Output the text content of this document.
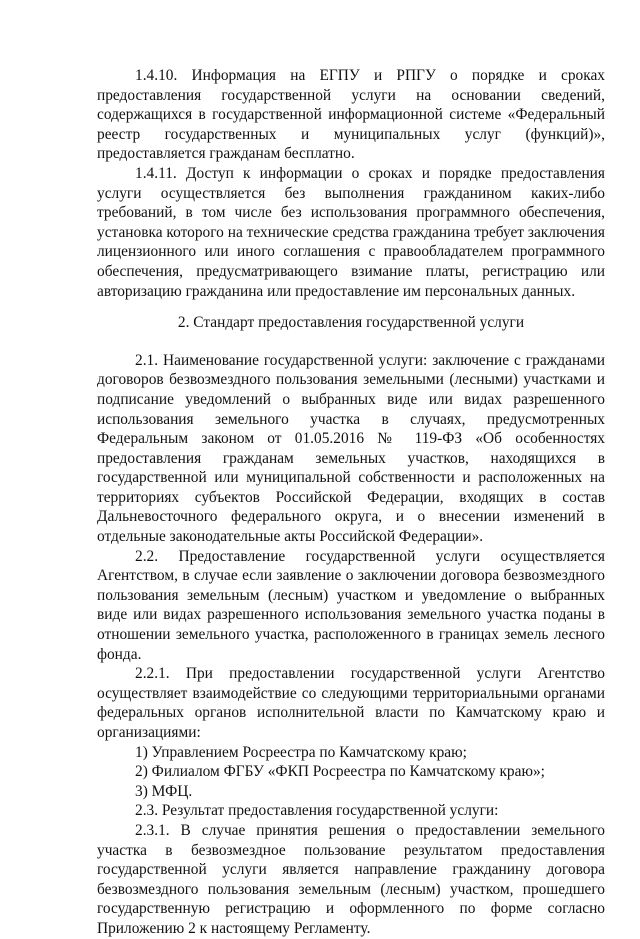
1.4.10. Информация на ЕГПУ и РПГУ о порядке и сроках предоставления государственной услуги на основании сведений, содержащихся в государственной информационной системе «Федеральный реестр государственных и муниципальных услуг (функций)», предоставляется гражданам бесплатно.

1.4.11. Доступ к информации о сроках и порядке предоставления услуги осуществляется без выполнения гражданином каких-либо требований, в том числе без использования программного обеспечения, установка которого на технические средства гражданина требует заключения лицензионного или иного соглашения с правообладателем программного обеспечения, предусматривающего взимание платы, регистрацию или авторизацию гражданина или предоставление им персональных данных.

2. Стандарт предоставления государственной услуги

2.1. Наименование государственной услуги: заключение с гражданами договоров безвозмездного пользования земельными (лесными) участками и подписание уведомлений о выбранных виде или видах разрешенного использования земельного участка в случаях, предусмотренных Федеральным законом от 01.05.2016 № 119-ФЗ «Об особенностях предоставления гражданам земельных участков, находящихся в государственной или муниципальной собственности и расположенных на территориях субъектов Российской Федерации, входящих в состав Дальневосточного федерального округа, и о внесении изменений в отдельные законодательные акты Российской Федерации».

2.2. Предоставление государственной услуги осуществляется Агентством, в случае если заявление о заключении договора безвозмездного пользования земельным (лесным) участком и уведомление о выбранных виде или видах разрешенного использования земельного участка поданы в отношении земельного участка, расположенного в границах земель лесного фонда.

2.2.1. При предоставлении государственной услуги Агентство осуществляет взаимодействие со следующими территориальными органами федеральных органов исполнительной власти по Камчатскому краю и организациями:

1) Управлением Росреестра по Камчатскому краю;

2) Филиалом ФГБУ «ФКП Росреестра по Камчатскому краю»;

3) МФЦ.

2.3. Результат предоставления государственной услуги:

2.3.1. В случае принятия решения о предоставлении земельного участка в безвозмездное пользование результатом предоставления государственной услуги является направление гражданину договора безвозмездного пользования земельным (лесным) участком, прошедшего государственную регистрацию и оформленного по форме согласно Приложению 2 к настоящему Регламенту.
